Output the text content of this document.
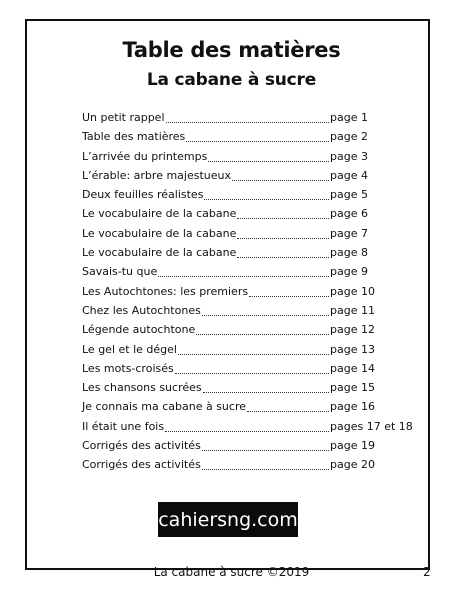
Table des matières
La cabane à sucre
Un petit rappel	page 1
Table des matières	page 2
L’arrivée du printemps	page 3
L’érable: arbre majestueux	page 4
Deux feuilles réalistes	page 5
Le vocabulaire de la cabane	page 6
Le vocabulaire de la cabane	page 7
Le vocabulaire de la cabane	page 8
Savais-tu que	page 9
Les Autochtones: les premiers	page 10
Chez les Autochtones	page 11
Légende autochtone	page 12
Le gel et le dégel	page 13
Les mots-croisés	page 14
Les chansons sucrées	page 15
Je connais ma cabane à sucre	page 16
Il était une fois	pages 17 et 18
Corrigés des activités	page 19
Corrigés des activités	page 20
cahiersng.com
La cabane à sucre ©2019	2
